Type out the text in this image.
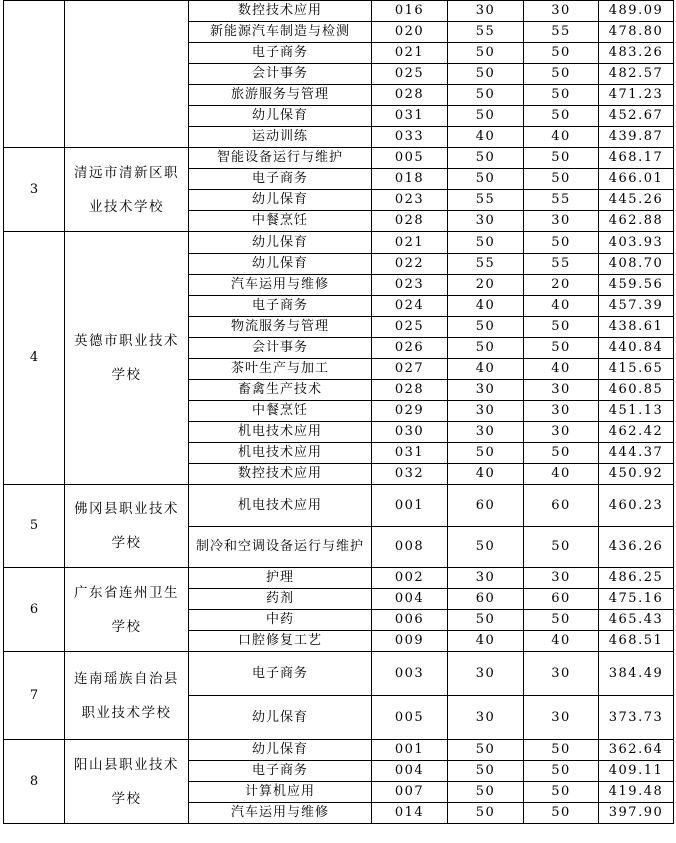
		数控技术应用	016	30	30	489.09
		新能源汽车制造与检测	020	55	55	478.80
		电子商务	021	50	50	483.26
		会计事务	025	50	50	482.57
		旅游服务与管理	028	50	50	471.23
		幼儿保育	031	50	50	452.67
		运动训练	033	40	40	439.87
3	清远市清新区职业技术学校	智能设备运行与维护	005	50	50	468.17
		电子商务	018	50	50	466.01
		幼儿保育	023	55	55	445.26
		中餐烹饪	028	30	30	462.88
4	英德市职业技术学校	幼儿保育	021	50	50	403.93
		幼儿保育	022	55	55	408.70
		汽车运用与维修	023	20	20	459.56
		电子商务	024	40	40	457.39
		物流服务与管理	025	50	50	438.61
		会计事务	026	50	50	440.84
		茶叶生产与加工	027	40	40	415.65
		畜禽生产技术	028	30	30	460.85
		中餐烹饪	029	30	30	451.13
		机电技术应用	030	30	30	462.42
		机电技术应用	031	50	50	444.37
		数控技术应用	032	40	40	450.92
5	佛冈县职业技术学校	机电技术应用	001	60	60	460.23
		制冷和空调设备运行与维护	008	50	50	436.26
6	广东省连州卫生学校	护理	002	30	30	486.25
		药剂	004	60	60	475.16
		中药	006	50	50	465.43
		口腔修复工艺	009	40	40	468.51
7	连南瑶族自治县职业技术学校	电子商务	003	30	30	384.49
		幼儿保育	005	30	30	373.73
8	阳山县职业技术学校	幼儿保育	001	50	50	362.64
		电子商务	004	50	50	409.11
		计算机应用	007	50	50	419.48
		汽车运用与维修	014	50	50	397.90
